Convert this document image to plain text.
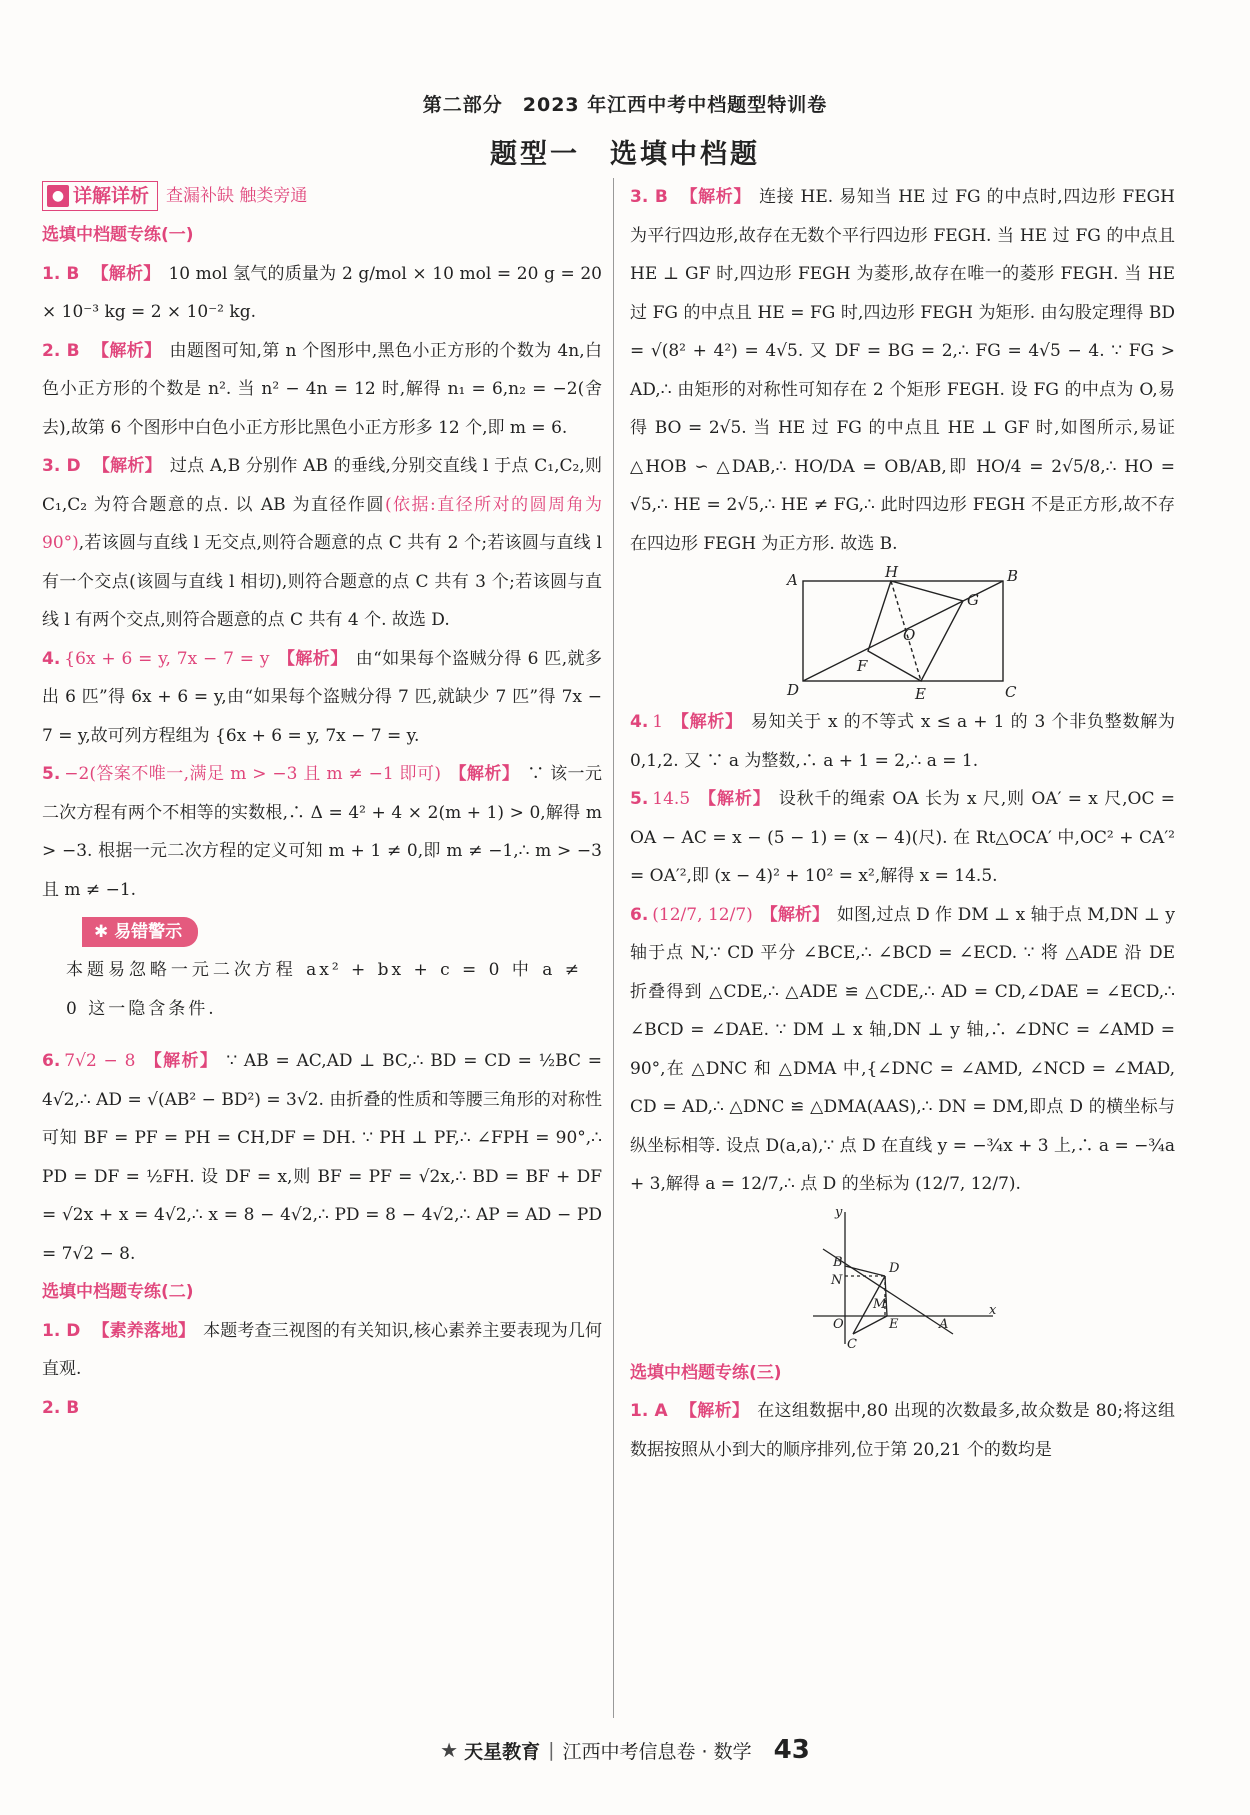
第二部分　2023 年江西中考中档题型特训卷
题型一　选填中档题
● 详解详析 查漏补缺 触类旁通
选填中档题专练(一)

1. B 【解析】 10 mol 氢气的质量为 2 g/mol × 10 mol = 20 g = 20 × 10⁻³ kg = 2 × 10⁻² kg.

2. B 【解析】 由题图可知,第 n 个图形中,黑色小正方形的个数为 4n,白色小正方形的个数是 n². 当 n² − 4n = 12 时,解得 n₁ = 6,n₂ = −2(舍去),故第 6 个图形中白色小正方形比黑色小正方形多 12 个,即 m = 6.

3. D 【解析】 过点 A,B 分别作 AB 的垂线,分别交直线 l 于点 C₁,C₂,则 C₁,C₂ 为符合题意的点. 以 AB 为直径作圆(依据:直径所对的圆周角为 90°),若该圆与直线 l 无交点,则符合题意的点 C 共有 2 个;若该圆与直线 l 有一个交点(该圆与直线 l 相切),则符合题意的点 C 共有 3 个;若该圆与直线 l 有两个交点,则符合题意的点 C 共有 4 个. 故选 D.

4. {6x + 6 = y, 7x − 7 = y 【解析】 由“如果每个盗贼分得 6 匹,就多出 6 匹”得 6x + 6 = y,由“如果每个盗贼分得 7 匹,就缺少 7 匹”得 7x − 7 = y,故可列方程组为 {6x + 6 = y, 7x − 7 = y.

5. −2(答案不唯一,满足 m > −3 且 m ≠ −1 即可) 【解析】 ∵ 该一元二次方程有两个不相等的实数根,∴ Δ = 4² + 4 × 2(m + 1) > 0,解得 m > −3. 根据一元二次方程的定义可知 m + 1 ≠ 0,即 m ≠ −1,∴ m > −3 且 m ≠ −1.

✱ 易错警示

本题易忽略一元二次方程 ax² + bx + c = 0 中 a ≠ 0 这一隐含条件.

6. 7√2 − 8 【解析】 ∵ AB = AC,AD ⊥ BC,∴ BD = CD = ½BC = 4√2,∴ AD = √(AB² − BD²) = 3√2. 由折叠的性质和等腰三角形的对称性可知 BF = PF = PH = CH,DF = DH. ∵ PH ⊥ PF,∴ ∠FPH = 90°,∴ PD = DF = ½FH. 设 DF = x,则 BF = PF = √2x,∴ BD = BF + DF = √2x + x = 4√2,∴ x = 8 − 4√2,∴ PD = 8 − 4√2,∴ AP = AD − PD = 7√2 − 8.

选填中档题专练(二)

1. D 【素养落地】 本题考查三视图的有关知识,核心素养主要表现为几何直观.

2. B

3. B 【解析】 连接 HE. 易知当 HE 过 FG 的中点时,四边形 FEGH 为平行四边形,故存在无数个平行四边形 FEGH. 当 HE 过 FG 的中点且 HE ⊥ GF 时,四边形 FEGH 为菱形,故存在唯一的菱形 FEGH. 当 HE 过 FG 的中点且 HE = FG 时,四边形 FEGH 为矩形. 由勾股定理得 BD = √(8² + 4²) = 4√5. 又 DF = BG = 2,∴ FG = 4√5 − 4. ∵ FG > AD,∴ 由矩形的对称性可知存在 2 个矩形 FEGH. 设 FG 的中点为 O,易得 BO = 2√5. 当 HE 过 FG 的中点且 HE ⊥ GF 时,如图所示,易证 △HOB ∽ △DAB,∴ HO/DA = OB/AB,即 HO/4 = 2√5/8,∴ HO = √5,∴ HE = 2√5,∴ HE ≠ FG,∴ 此时四边形 FEGH 不是正方形,故不存在四边形 FEGH 为正方形. 故选 B.

A	H	B
G
O
F
D	E	C

4. 1 【解析】 易知关于 x 的不等式 x ≤ a + 1 的 3 个非负整数解为 0,1,2. 又 ∵ a 为整数,∴ a + 1 = 2,∴ a = 1.

5. 14.5 【解析】 设秋千的绳索 OA 长为 x 尺,则 OA′ = x 尺,OC = OA − AC = x − (5 − 1) = (x − 4)(尺). 在 Rt△OCA′ 中,OC² + CA′² = OA′²,即 (x − 4)² + 10² = x²,解得 x = 14.5.

6. (12/7, 12/7) 【解析】 如图,过点 D 作 DM ⊥ x 轴于点 M,DN ⊥ y 轴于点 N,∵ CD 平分 ∠BCE,∴ ∠BCD = ∠ECD. ∵ 将 △ADE 沿 DE 折叠得到 △CDE,∴ △ADE ≌ △CDE,∴ AD = CD,∠DAE = ∠ECD,∴ ∠BCD = ∠DAE. ∵ DM ⊥ x 轴,DN ⊥ y 轴,∴ ∠DNC = ∠AMD = 90°,在 △DNC 和 △DMA 中,{∠DNC = ∠AMD, ∠NCD = ∠MAD, CD = AD,∴ △DNC ≌ △DMA(AAS),∴ DN = DM,即点 D 的横坐标与纵坐标相等. 设点 D(a,a),∵ 点 D 在直线 y = −¾x + 3 上,∴ a = −¾a + 3,解得 a = 12/7,∴ 点 D 的坐标为 (12/7, 12/7).

y
x
B	D
N
M
O	E	A
C
选填中档题专练(三)

1. A 【解析】 在这组数据中,80 出现的次数最多,故众数是 80;将这组数据按照从小到大的顺序排列,位于第 20,21 个的数均是

★ 天星教育 | 江西中考信息卷 · 数学 43
